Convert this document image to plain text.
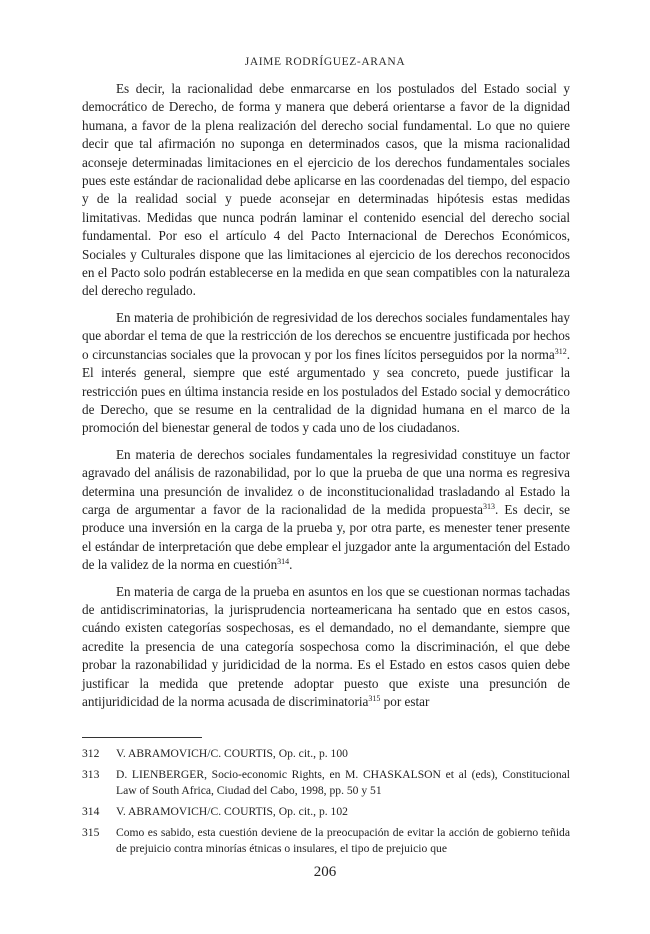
JAIME RODRÍGUEZ-ARANA

Es decir, la racionalidad debe enmarcarse en los postulados del Estado social y democrático de Derecho, de forma y manera que deberá orientarse a favor de la dignidad humana, a favor de la plena realización del derecho social fundamental. Lo que no quiere decir que tal afirmación no suponga en determinados casos, que la misma racionalidad aconseje determinadas limitaciones en el ejercicio de los derechos fundamentales sociales pues este estándar de racionalidad debe aplicarse en las coordenadas del tiempo, del espacio y de la realidad social y puede aconsejar en determinadas hipótesis estas medidas limitativas. Medidas que nunca podrán laminar el contenido esencial del derecho social fundamental. Por eso el artículo 4 del Pacto Internacional de Derechos Económicos, Sociales y Culturales dispone que las limitaciones al ejercicio de los derechos reconocidos en el Pacto solo podrán establecerse en la medida en que sean compatibles con la naturaleza del derecho regulado.

En materia de prohibición de regresividad de los derechos sociales fundamentales hay que abordar el tema de que la restricción de los derechos se encuentre justificada por hechos o circunstancias sociales que la provocan y por los fines lícitos perseguidos por la norma$^{312}$. El interés general, siempre que esté argumentado y sea concreto, puede justificar la restricción pues en última instancia reside en los postulados del Estado social y democrático de Derecho, que se resume en la centralidad de la dignidad humana en el marco de la promoción del bienestar general de todos y cada uno de los ciudadanos.

En materia de derechos sociales fundamentales la regresividad constituye un factor agravado del análisis de razonabilidad, por lo que la prueba de que una norma es regresiva determina una presunción de invalidez o de inconstitucionalidad trasladando al Estado la carga de argumentar a favor de la racionalidad de la medida propuesta$^{313}$. Es decir, se produce una inversión en la carga de la prueba y, por otra parte, es menester tener presente el estándar de interpretación que debe emplear el juzgador ante la argumentación del Estado de la validez de la norma en cuestión$^{314}$.

En materia de carga de la prueba en asuntos en los que se cuestionan normas tachadas de antidiscriminatorias, la jurisprudencia norteamericana ha sentado que en estos casos, cuándo existen categorías sospechosas, es el demandado, no el demandante, siempre que acredite la presencia de una categoría sospechosa como la discriminación, el que debe probar la razonabilidad y juridicidad de la norma. Es el Estado en estos casos quien debe justificar la medida que pretende adoptar puesto que existe una presunción de antijuridicidad de la norma acusada de discriminatoria$^{315}$ por estar

312	V. ABRAMOVICH/C. COURTIS, Op. cit., p. 100
313	D. LIENBERGER, Socio-economic Rights, en M. CHASKALSON et al (eds), Constitucional Law of South Africa, Ciudad del Cabo, 1998, pp. 50 y 51
314	V. ABRAMOVICH/C. COURTIS, Op. cit., p. 102
315	Como es sabido, esta cuestión deviene de la preocupación de evitar la acción de gobierno teñida de prejuicio contra minorías étnicas o insulares, el tipo de prejuicio que
206
